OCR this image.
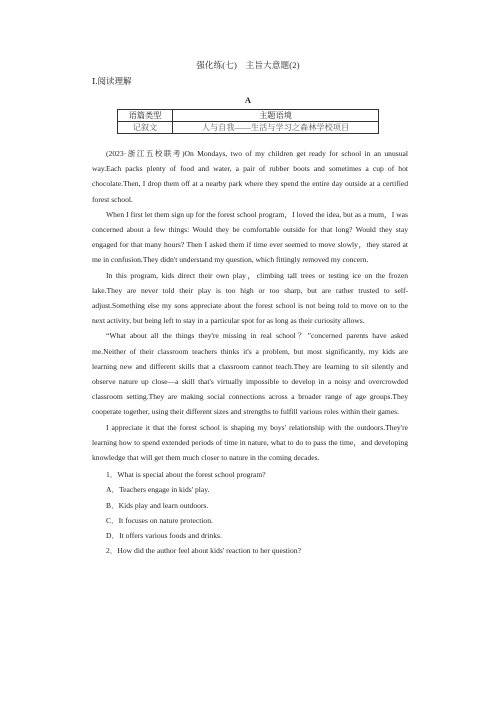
强化练(七)　主旨大意题(2)
Ⅰ.阅读理解
A
语篇类型	主题语境
记叙文	人与自我——生活与学习之森林学校项目

(2023·浙江五校联考)On Mondays, two of my children get ready for school in an unusual way.Each packs plenty of food and water, a pair of rubber boots and sometimes a cup of hot chocolate.Then, I drop them off at a nearby park where they spend the entire day outside at a certified forest school.

When I first let them sign up for the forest school program，I loved the idea, but as a mum，I was concerned about a few things: Would they be comfortable outside for that long? Would they stay engaged for that many hours? Then I asked them if time ever seemed to move slowly，they stared at me in confusion.They didn't understand my question, which fittingly removed my concern.

In this program, kids direct their own play，climbing tall trees or testing ice on the frozen lake.They are never told their play is too high or too sharp, but are rather trusted to self-adjust.Something else my sons appreciate about the forest school is not being told to move on to the next activity, but being left to stay in a particular spot for as long as their curiosity allows.

“What about all the things they're missing in real school？”concerned parents have asked me.Neither of their classroom teachers thinks it's a problem, but most significantly, my kids are learning new and different skills that a classroom cannot teach.They are learning to sit silently and observe nature up close—a skill that's virtually impossible to develop in a noisy and overcrowded classroom setting.They are making social connections across a broader range of age groups.They cooperate together, using their different sizes and strengths to fulfill various roles within their games.

I appreciate it that the forest school is shaping my boys' relationship with the outdoors.They're learning how to spend extended periods of time in nature, what to do to pass the time，and developing knowledge that will get them much closer to nature in the coming decades.

1．What is special about the forest school program?

A．Teachers engage in kids' play.

B．Kids play and learn outdoors.

C．It focuses on nature protection.

D．It offers various foods and drinks.

2．How did the author feel about kids' reaction to her question?
